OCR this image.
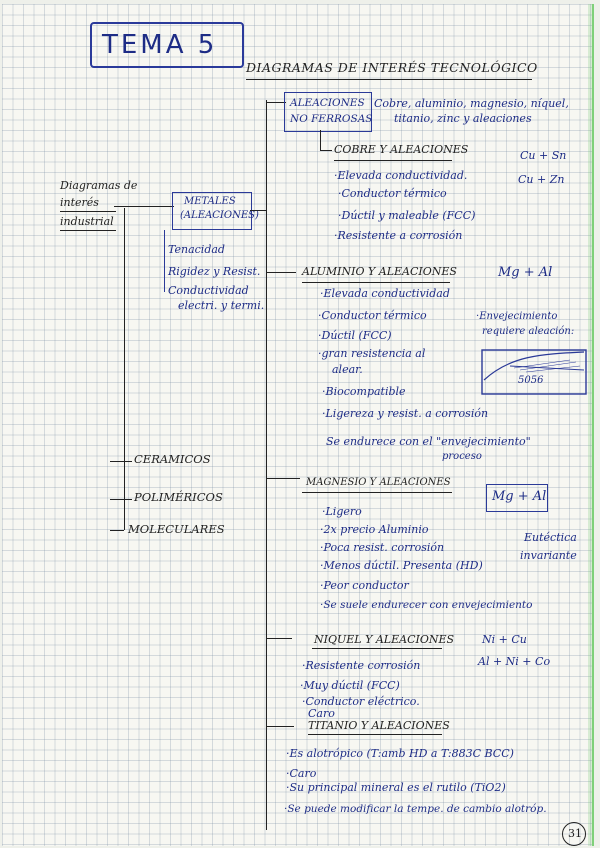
TEMA 5
DIAGRAMAS DE INTERÉS TECNOLÓGICO
Diagramas de
interés
industrial
METALES
(ALEACIONES)
Tenacidad
Rigidez y Resist.
Conductividad
electri. y termi.
CERAMICOS
POLIMÉRICOS
MOLECULARES
ALEACIONES
NO FERROSAS
Cobre, aluminio, magnesio, níquel,
titanio, zinc y aleaciones
COBRE Y ALEACIONES	Cu + Sn
Cu + Zn
· Elevada conductividad.
· Conductor térmico
· Dúctil y maleable (FCC)
· Resistente a corrosión
ALUMINIO Y ALEACIONES	Mg + Al
· Elevada conductividad
· Conductor térmico
· Dúctil (FCC)
· gran resistencia al
alear.
· Biocompatible
· Ligereza y resist. a corrosión
· Envejecimiento
requiere aleación:
5056
Se endurece con el "envejecimiento"
proceso
MAGNESIO Y ALEACIONES
Mg + Al
· Ligero
· 2x precio Aluminio
· Poca resist. corrosión
· Menos dúctil. Presenta (HD)
· Peor conductor
· Se suele endurecer con envejecimiento
Eutéctica
invariante
NIQUEL Y ALEACIONES	Ni + Cu
Al + Ni + Co
· Resistente corrosión
· Muy dúctil (FCC)
· Conductor eléctrico.
Caro
TITANIO Y ALEACIONES
· Es alotrópico (T:amb HD a T:883C BCC)
· Caro
· Su principal mineral es el rutilo (TiO2)
· Se puede modificar la tempe. de cambio alotróp.
31
